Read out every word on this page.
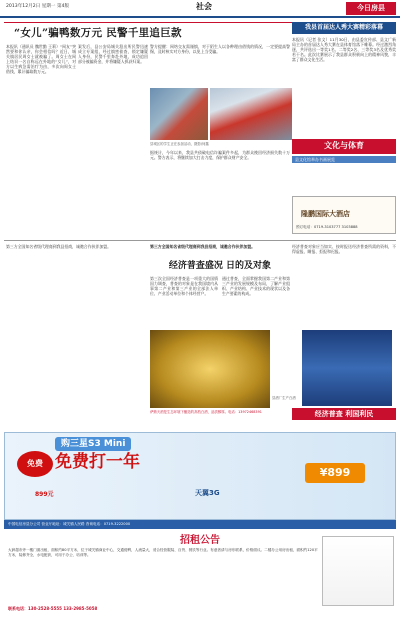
2013年12月2日 星期一 第4版	社会	今日房县
“女儿”骗鸭数万元 民警千里追巨款
本报讯（通讯员 魏世勤 王莉）“网友”突然要和你认亲，你会相信吗？近日，城关镇居民周女士就被骗了。周女士在网上结识一名自称远在外地的“女儿”，对方以生病急需治疗为由，多次向周女士借钱，累计骗取数万元。
案发后，县公安局城关派出所民警迅速成立专案组，经过缜密侦查，锁定嫌疑人身份，民警千里奔赴外地，成功追回部分被骗资金，并将嫌疑人抓获归案。
警方提醒：网络交友需谨慎，对于陌生人以各种理由借钱的情况，一定要提高警惕，及时核实对方身份，以免上当受骗。
县城区的学生正在参加活动，摄影/何鑫
据统计，今年以来，我县共侦破电信诈骗案件多起，为群众挽回经济损失数十万元。警方表示，将继续加大打击力度，保护群众财产安全。
我县首届达人秀大赛精彩落幕
本报讯（记者 张文）11月30日，由县委宣传部、县文广新局主办的首届达人秀大赛在县体育馆落下帷幕。经过激烈角逐，共评选出一等奖1名、二等奖2名、三等奖3名及优秀奖若干名。此次比赛展示了我县群众积极向上的精神风貌，丰富了群众文化生活。
文化与体育
县文化馆举办书画展览
隆鹏国际大酒店
预订电话：0719-3103777 3103888
第三方全国知名省级代理商到我县招商，诚邀合作伙伴加盟。	第三方全国知名省级代理商到我县招商，诚邀合作伙伴加盟。
经济普查盛况 日的及对象
第三次全国经济普查是一项重大的国情国力调查，普查的对象是在我国境内从事第二产业和第三产业的全部法人单位、产业活动单位和个体经营户。
通过普查，全面掌握我国第二产业和第三产业的发展规模及布局，了解产业组织、产业结构、产业技术的现状以及各生产要素的构成。
经济普查对象应当如实、按时报送经济普查所需的资料，不得虚报、瞒报、拒报和迟报。
县酒厂生产白酒
萨鼎天酒是生态环境下酿造的高档白酒，品质醇厚。电话：13972468391	经济普查 利国利民
购三星S3 Mini
免费 免费打一年
899元	天翼3G
¥899
中国电信房县分公司 营业厅地址：城关镇人民路 咨询电话：0719-3222000
招租公告
大润超市旁一楼门面出租，面积约80平方米，位于城关镇商业中心，交通便利，人流量大，适合经营服装、百货、餐饮等行业。有意者请与房东联系，价格面议。二楼办公用房出租，面积约120平方米，装修齐全，水电配套，可用于办公、培训等。
联系电话：130-2528-5555 133-2985-5058
